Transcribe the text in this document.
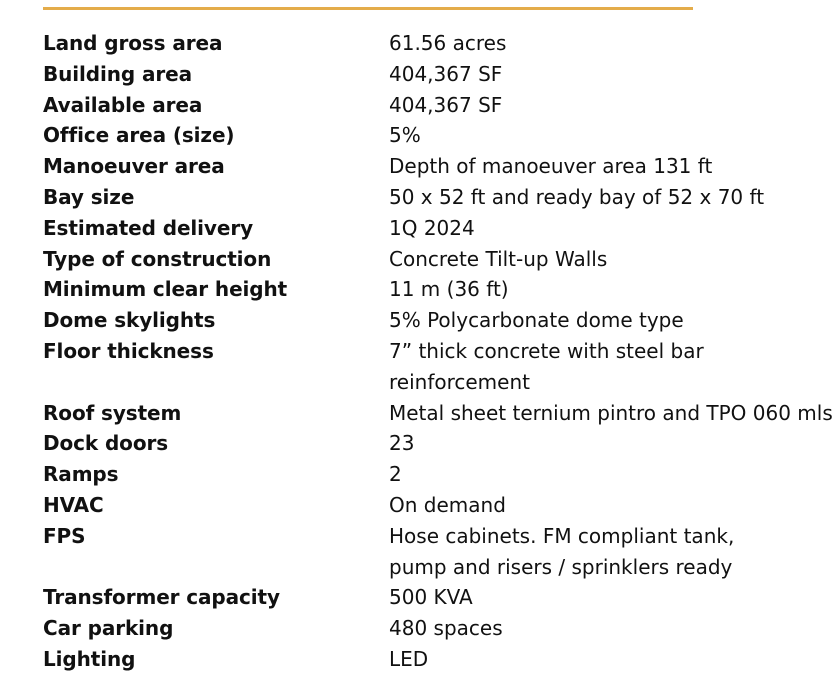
Land gross area	61.56 acres
Building area	404,367 SF
Available area	404,367 SF
Office area (size)	5%
Manoeuver area	Depth of manoeuver area 131 ft
Bay size	50 x 52 ft and ready bay of 52 x 70 ft
Estimated delivery	1Q 2024
Type of construction	Concrete Tilt-up Walls
Minimum clear height	11 m (36 ft)
Dome skylights	5% Polycarbonate dome type
Floor thickness	7” thick concrete with steel bar reinforcement
Roof system	Metal sheet ternium pintro and TPO 060 mls
Dock doors	23
Ramps	2
HVAC	On demand
FPS	Hose cabinets. FM compliant tank,
pump and risers / sprinklers ready
Transformer capacity	500 KVA
Car parking	480 spaces
Lighting	LED
